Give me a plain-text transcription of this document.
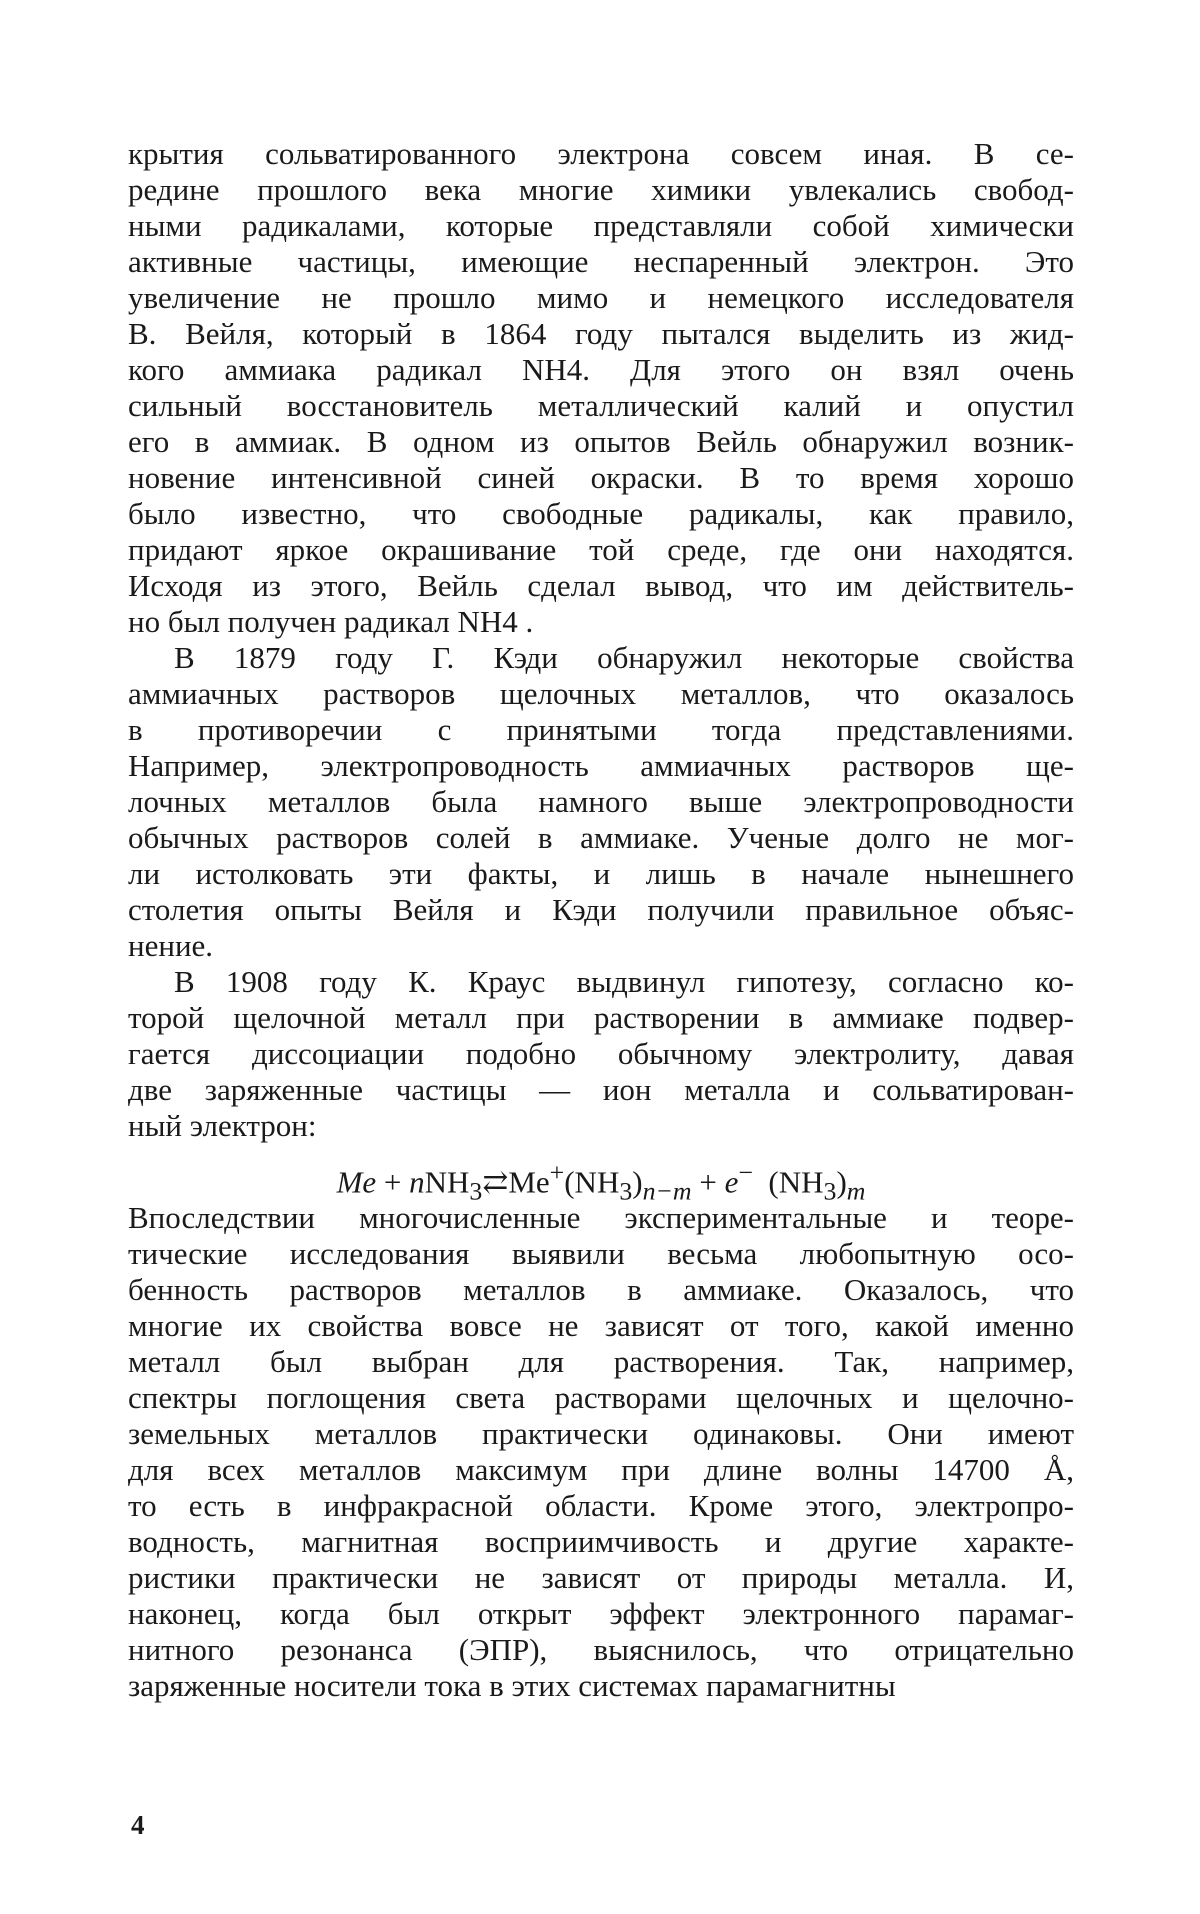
крытия сольватированного электрона совсем иная. В се-
редине прошлого века многие химики увлекались свобод-
ными радикалами, которые представляли собой химически
активные частицы, имеющие неспаренный электрон. Это
увеличение не прошло мимо и немецкого исследователя
В. Вейля, который в 1864 году пытался выделить из жид-
кого аммиака радикал NH4. Для этого он взял очень
сильный восстановитель металлический калий и опустил
его в аммиак. В одном из опытов Вейль обнаружил возник-
новение интенсивной синей окраски. В то время хорошо
было известно, что свободные радикалы, как правило,
придают яркое окрашивание той среде, где они находятся.
Исходя из этого, Вейль сделал вывод, что им действитель-
но был получен радикал NH4 .
В 1879 году Г. Кэди обнаружил некоторые свойства
аммиачных растворов щелочных металлов, что оказалось
в противоречии с принятыми тогда представлениями.
Например, электропроводность аммиачных растворов ще-
лочных металлов была намного выше электропроводности
обычных растворов солей в аммиаке. Ученые долго не мог-
ли истолковать эти факты, и лишь в начале нынешнего
столетия опыты Вейля и Кэди получили правильное объяс-
нение.
В 1908 году К. Краус выдвинул гипотезу, согласно ко-
торой щелочной металл при растворении в аммиаке подвер-
гается диссоциации подобно обычному электролиту, давая
две заряженные частицы — ион металла и сольватирован-
ный электрон:
$Me + nNH_3⇄Me^+(NH_3)_{n-m} + e^-$ $(NH_3)_m$
Впоследствии многочисленные экспериментальные и теоре-
тические исследования выявили весьма любопытную осо-
бенность растворов металлов в аммиаке. Оказалось, что
многие их свойства вовсе не зависят от того, какой именно
металл был выбран для растворения. Так, например,
спектры поглощения света растворами щелочных и щелочно-
земельных металлов практически одинаковы. Они имеют
для всех металлов максимум при длине волны 14700 Å,
то есть в инфракрасной области. Кроме этого, электропро-
водность, магнитная восприимчивость и другие характе-
ристики практически не зависят от природы металла. И,
наконец, когда был открыт эффект электронного парамаг-
нитного резонанса (ЭПР), выяснилось, что отрицательно
заряженные носители тока в этих системах парамагнитны
4
